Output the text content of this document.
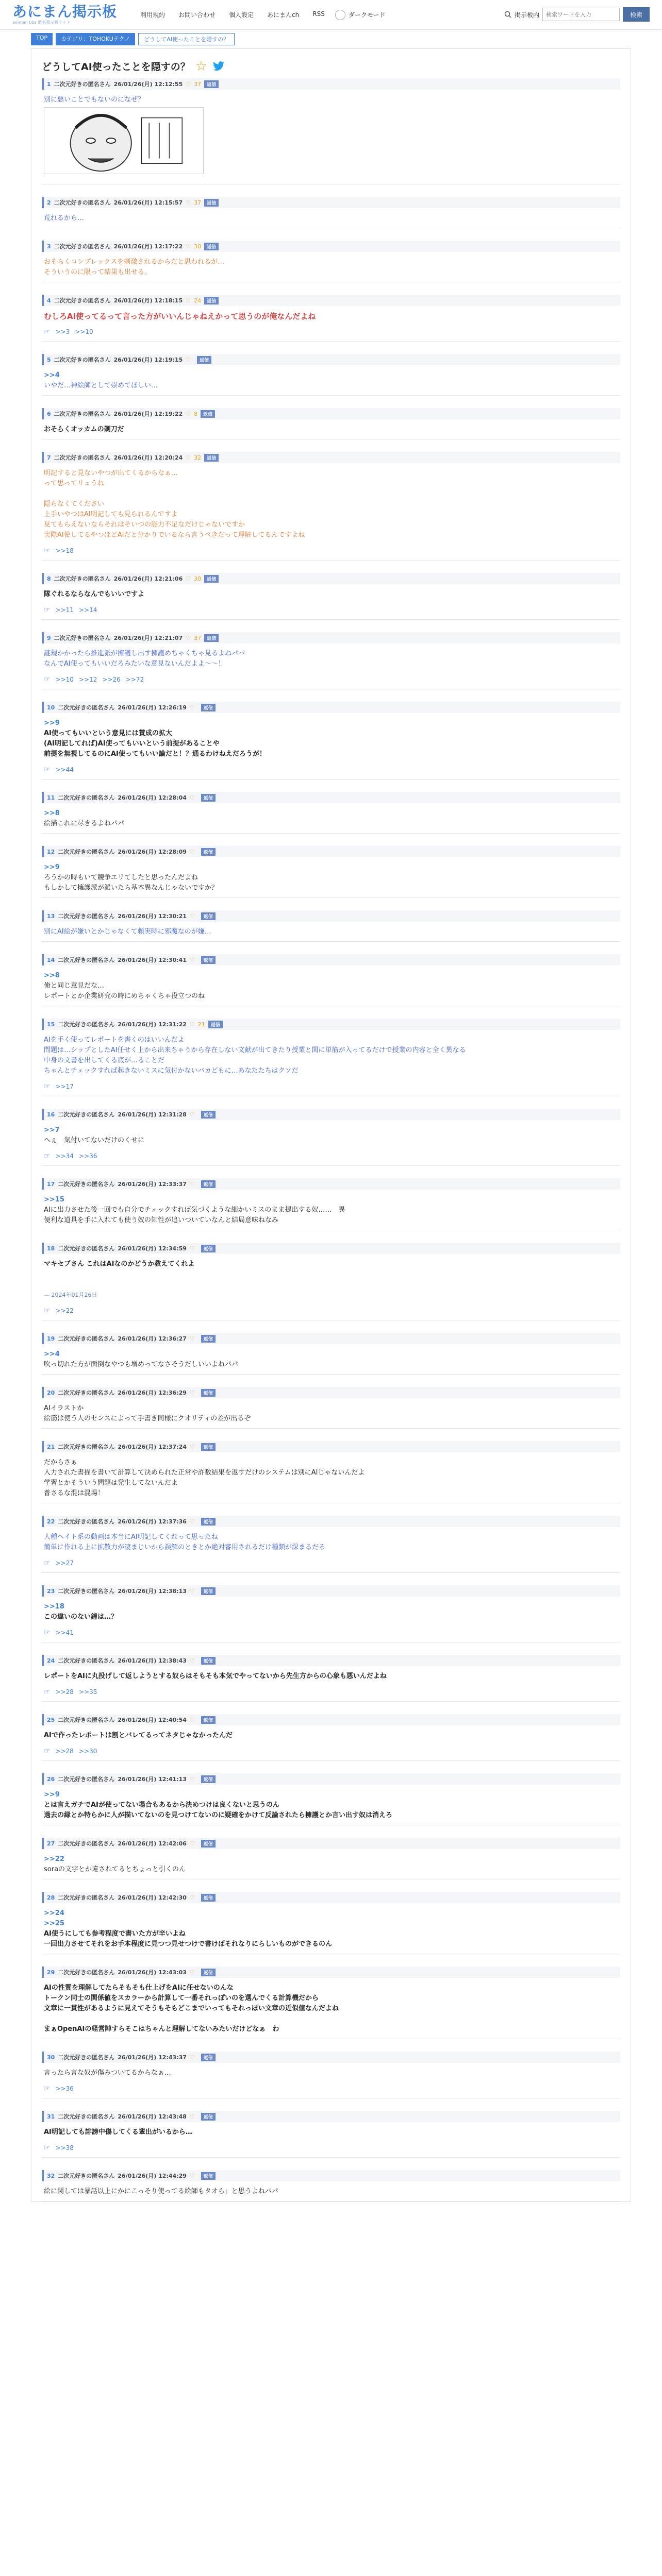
あにまん掲示板
animan bbs 匿名掲示板サイト
利用規約 お問い合わせ 個人設定 あにまんch RSS	ダークモード	掲示板内
検索ワードを入力	検索
TOP	カテゴリ：TOHOKUテクノ	どうしてAI使ったことを隠すの？
どうしてAI使ったことを隠すの？ ☆
1 二次元好きの匿名さん 26/01/26(月) 12:12:55 ♡ 37	返信

別に悪いことでもないのになぜ？

2 二次元好きの匿名さん 26/01/26(月) 12:15:57 ♡ 37	返信

荒れるから…

3 二次元好きの匿名さん 26/01/26(月) 12:17:22 ♡ 30	返信

おそらくコンプレックスを刺激されるからだと思われるが…

そういうのに限って結果も出せる。

4 二次元好きの匿名さん 26/01/26(月) 12:18:15 ♡ 24	返信

むしろAI使ってるって言った方がいいんじゃねえかって思うのが俺なんだよね

☞ >>3 >>10
5 二次元好きの匿名さん 26/01/26(月) 12:19:15 ♡	返信

>>4

いやだ…神絵師として崇めてほしい…

6 二次元好きの匿名さん 26/01/26(月) 12:19:22 ♡ 8	返信

おそらくオッカムの剃刀だ

7 二次元好きの匿名さん 26/01/26(月) 12:20:24 ♡ 32	返信

明記すると見ないやつが出てくるからなぁ…

って思ってリュうね

隠らなくてください

上手いやつはAI明記しても見られるんですよ

見てもらえないならそれはそいつの能力不足なだけじゃないですか

実際AI使してるやつほどAIだと分かりでいるなら言うべきだって理解してるんですよね

☞ >>18
8 二次元好きの匿名さん 26/01/26(月) 12:21:06 ♡ 30	返信

隊ぐれるならなんでもいいですよ

☞ >>11 >>14
9 二次元好きの匿名さん 26/01/26(月) 12:21:07 ♡ 37	返信

謎規かかったら推進派が擁護し出す擁護めちゃくちゃ見るよねパパ

なんでAI使ってもいいだろみたいな意見ないんだよよ～～！

☞ >>10 >>12 >>26 >>72
10 二次元好きの匿名さん 26/01/26(月) 12:26:19 ♡	返信

>>9

AI使ってもいいという意見には賛成の拡大

(AI明記してれば)AI使ってもいいという前提があることや

前提を無視してるのにAI使ってもいい論だと！？通るわけねえだろうが！

☞ >>44
11 二次元好きの匿名さん 26/01/26(月) 12:28:04 ♡	返信

>>8

絵描これに尽きるよねパパ

12 二次元好きの匿名さん 26/01/26(月) 12:28:09 ♡	返信

>>9

ろうかの時もいて競争エリてしたと思ったんだよね

もしかして擁護派が派いたら基本異なんじゃないですか？

13 二次元好きの匿名さん 26/01/26(月) 12:30:21 ♡	返信

別にAI絵が嫌いとかじゃなくて頼実時に邪魔なのが嫌…

14 二次元好きの匿名さん 26/01/26(月) 12:30:41 ♡	返信

>>8

俺と同じ意見だな…

レポートとか企業研究の時にめちゃくちゃ役立つのね

15 二次元好きの匿名さん 26/01/26(月) 12:31:22 ♡ 21	返信

AIを手く使ってレポートを書くのはいいんだよ

問題は…シップとしたAI任せく上から出来ちゃうから存在しない文献が出てきたり授業と関に単筋が入ってるだけで授業の内容と全く異なる

中身の文書を出してくる底が…ることだ

ちゃんとチェックすれば起きないミスに気付かないバカどもに…あなたたちはクソだ

☞ >>17
16 二次元好きの匿名さん 26/01/26(月) 12:31:28 ♡	返信

>>7

へぇ　気付いてないだけのくせに

☞ >>34 >>36
17 二次元好きの匿名さん 26/01/26(月) 12:33:37 ♡	返信

>>15

AIに出力させた後一回でも自分でチェックすれば気づくような細かいミスのまま提出する奴……　異

便利な道具を手に入れても使う奴の知性が追いついていなんと結局意味ねなみ

18 二次元好きの匿名さん 26/01/26(月) 12:34:59 ♡	返信

マキセブさん これはAIなのかどうか教えてくれよ

— 2024年01月26日

☞ >>22
19 二次元好きの匿名さん 26/01/26(月) 12:36:27 ♡	返信

>>4

吹っ切れた方が面倒なやつも増めってなさそうだしいいよねパパ

20 二次元好きの匿名さん 26/01/26(月) 12:36:29 ♡	返信

AIイラストか

絵筋は使う人のセンスによって手書き同様にクオリティの差が出るぞ

21 二次元好きの匿名さん 26/01/26(月) 12:37:24 ♡	返信

だからさぁ

入力された書描を書いて計算して決められた正常や許数結果を返すだけのシステムは別にAIじゃないんだよ

学習とかそういう問題は発生してないんだよ

普さるな混は混場！

22 二次元好きの匿名さん 26/01/26(月) 12:37:36 ♡	返信

人種ヘイト系の動画は本当にAI明記してくれって思ったね

簡単に作れる上に拡散力が凄まじいから誤解のときとか絶対審用されるだけ種類が深まるだろ

☞ >>27
23 二次元好きの匿名さん 26/01/26(月) 12:38:13 ♡	返信

>>18

この違いのない鐘は…？

☞ >>41
24 二次元好きの匿名さん 26/01/26(月) 12:38:43 ♡	返信

レポートをAIに丸投げして返しようとする奴らはそもそも本気でやってないから先生方からの心象も悪いんだよね

☞ >>28 >>35
25 二次元好きの匿名さん 26/01/26(月) 12:40:54 ♡	返信

AIで作ったレポートは割とバレてるってネタじゃなかったんだ

☞ >>28 >>30
26 二次元好きの匿名さん 26/01/26(月) 12:41:13 ♡	返信

>>9

とは言えガチでAIが使ってない場合もあるから決めつけは良くないと思うのん

過去の縁とか特らかに人が描いてないのを見つけてないのに疑確をかけて反論されたら擁護とか言い出す奴は消えろ

27 二次元好きの匿名さん 26/01/26(月) 12:42:06 ♡	返信

>>22

soraの文字とか違されてるとちょっと引くのん

28 二次元好きの匿名さん 26/01/26(月) 12:42:30 ♡	返信

>>24

>>25

AI使うにしても参考程度で書いた方が辛いよね

一回出力させてそれをお手本程度に見つつ見せつけで書けばそれなりにらしいものができるのん

29 二次元好きの匿名さん 26/01/26(月) 12:43:03 ♡	返信

AIの性質を理解してたらそもそも仕上げをAIに任せないのんな

トークン同士の関係値をスカラーから計算して一番それっぽいのを選んでくる計算機だから

文章に一貫性があるように見えてそうもそもどこまでいってもそれっぽい文章の近似値なんだよね

まぁOpenAIの経営陣すらそこはちゃんと理解してないみたいだけどなぁ　わ

30 二次元好きの匿名さん 26/01/26(月) 12:43:37 ♡	返信

言ったら言な奴が傷みついてるからなぁ…

☞ >>36
31 二次元好きの匿名さん 26/01/26(月) 12:43:48 ♡	返信

AI明記しても誹謗中傷してくる輩出がいるから…

☞ >>38
32 二次元好きの匿名さん 26/01/26(月) 12:44:29 ♡	返信

絵に関しては暴話以上にかにこっそり使ってる絵師もタオら」と思うよねパパ
